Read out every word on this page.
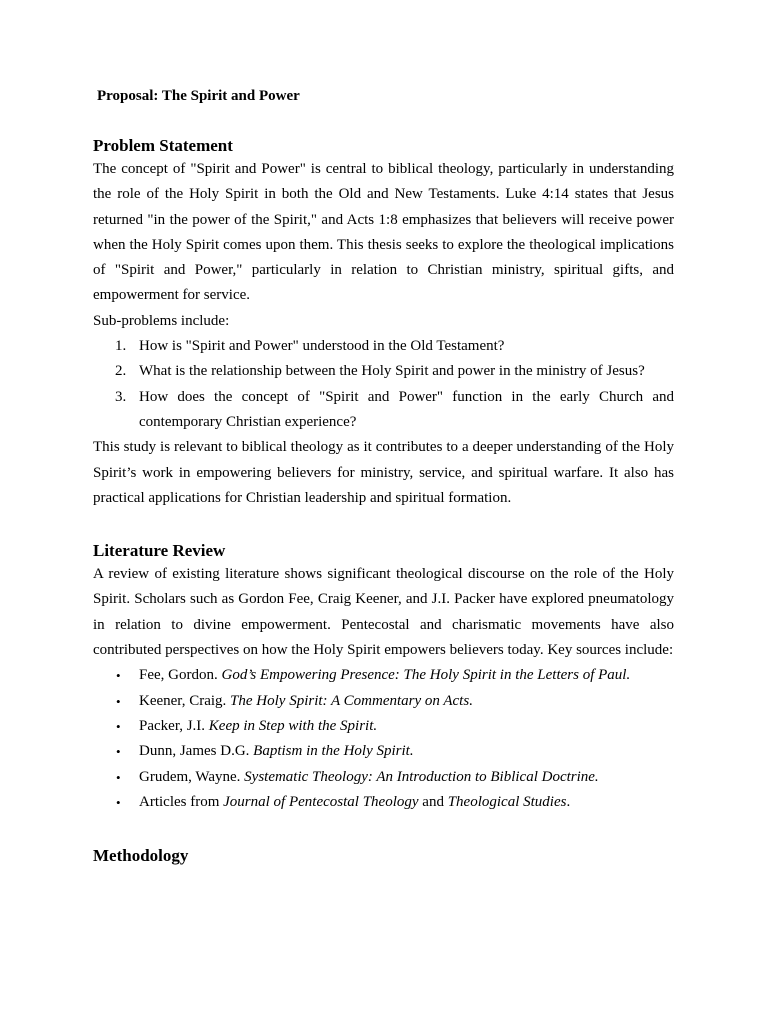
Proposal: The Spirit and Power
Problem Statement

The concept of "Spirit and Power" is central to biblical theology, particularly in understanding the role of the Holy Spirit in both the Old and New Testaments. Luke 4:14 states that Jesus returned "in the power of the Spirit," and Acts 1:8 emphasizes that believers will receive power when the Holy Spirit comes upon them. This thesis seeks to explore the theological implications of "Spirit and Power," particularly in relation to Christian ministry, spiritual gifts, and empowerment for service.

Sub-problems include:

1. How is "Spirit and Power" understood in the Old Testament?
2. What is the relationship between the Holy Spirit and power in the ministry of Jesus?
3. How does the concept of "Spirit and Power" function in the early Church and contemporary Christian experience?

This study is relevant to biblical theology as it contributes to a deeper understanding of the Holy Spirit’s work in empowering believers for ministry, service, and spiritual warfare. It also has practical applications for Christian leadership and spiritual formation.

Literature Review

A review of existing literature shows significant theological discourse on the role of the Holy Spirit. Scholars such as Gordon Fee, Craig Keener, and J.I. Packer have explored pneumatology in relation to divine empowerment. Pentecostal and charismatic movements have also contributed perspectives on how the Holy Spirit empowers believers today. Key sources include:

• Fee, Gordon. God’s Empowering Presence: The Holy Spirit in the Letters of Paul.
• Keener, Craig. The Holy Spirit: A Commentary on Acts.
• Packer, J.I. Keep in Step with the Spirit.
• Dunn, James D.G. Baptism in the Holy Spirit.
• Grudem, Wayne. Systematic Theology: An Introduction to Biblical Doctrine.
• Articles from Journal of Pentecostal Theology and Theological Studies.
Methodology
